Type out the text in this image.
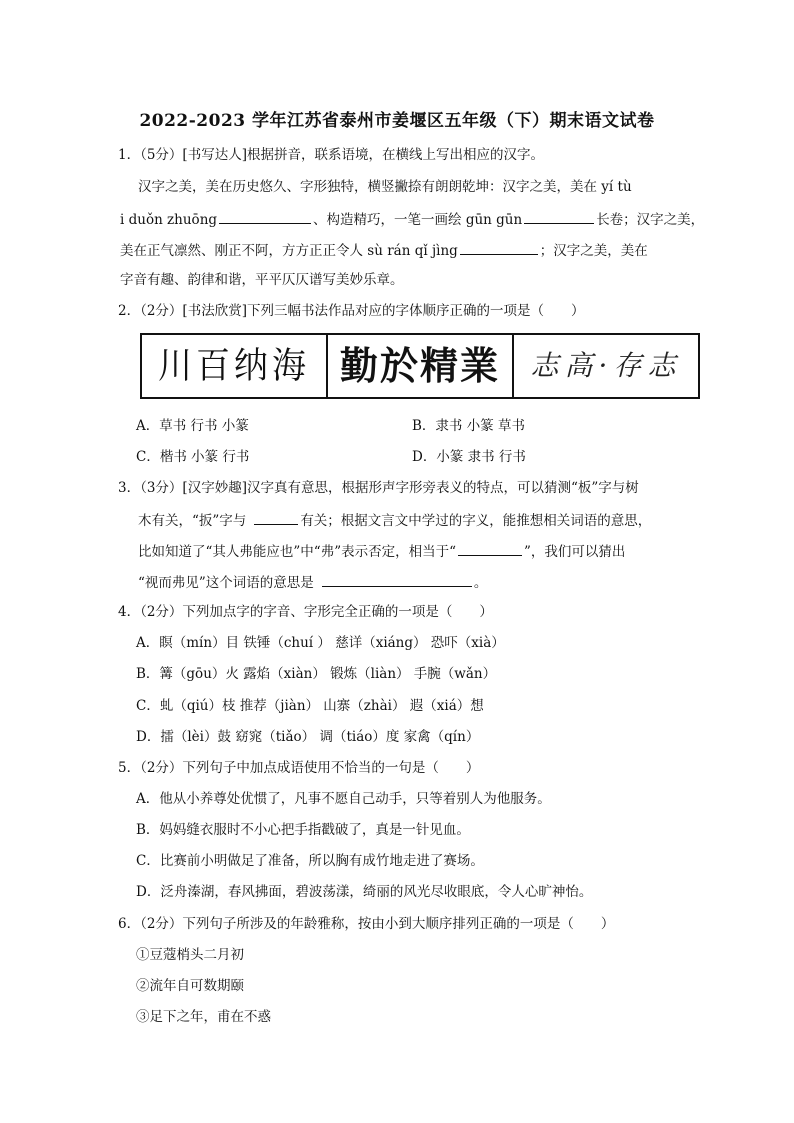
2022-2023 学年江苏省泰州市姜堰区五年级（下）期末语文试卷
1．（5分）[书写达人]根据拼音，联系语境，在横线上写出相应的汉字。
汉字之美，美在历史悠久、字形独特，横竖撇捺有朗朗乾坤：汉字之美，美在 yí tù
i duǒn zhuōng	、构造精巧，一笔一画绘 gūn gūn	长卷；汉字之美，
美在正气凛然、刚正不阿，方方正正令人 sù rán qǐ jìng	；汉字之美，美在
字音有趣、韵律和谐，平平仄仄谱写美妙乐章。
2．（2分）[书法欣赏]下列三幅书法作品对应的字体顺序正确的一项是（　　）
川百纳海 勤於精業	志高·存志
A．草书 行书 小篆	B．隶书 小篆 草书
C．楷书 小篆 行书	D．小篆 隶书 行书
3．（3分）[汉字妙趣]汉字真有意思，根据形声字形旁表义的特点，可以猜测“板”字与树
木有关，“扳”字与	有关；根据文言文中学过的字义，能推想相关词语的意思，
比如知道了“其人弗能应也”中“弗”表示否定，相当于“	”，我们可以猜出
“视而弗见”这个词语的意思是	。
4．（2分）下列加点字的字音、字形完全正确的一项是（　　）
A．瞑（mín）目 铁锤（chuí ） 慈详（xiáng） 恐吓（xià）
B．篝（gōu）火 露焰（xiàn） 锻炼（liàn） 手腕（wǎn）
C．虬（qiú）枝 推荐（jiàn） 山寨（zhài） 遐（xiá）想
D．擂（lèi）鼓 窈窕（tiǎo） 调（tiáo）度 家禽（qín）
5．（2分）下列句子中加点成语使用不恰当的一句是（　　）
A．他从小养尊处优惯了，凡事不愿自己动手，只等着别人为他服务。
B．妈妈缝衣服时不小心把手指戳破了，真是一针见血。
C．比赛前小明做足了准备，所以胸有成竹地走进了赛场。
D．泛舟溱湖，春风拂面，碧波荡漾，绮丽的风光尽收眼底，令人心旷神怡。
6．（2分）下列句子所涉及的年龄雅称，按由小到大顺序排列正确的一项是（　　）
①豆蔻梢头二月初
②流年自可数期颐
③足下之年，甫在不惑
